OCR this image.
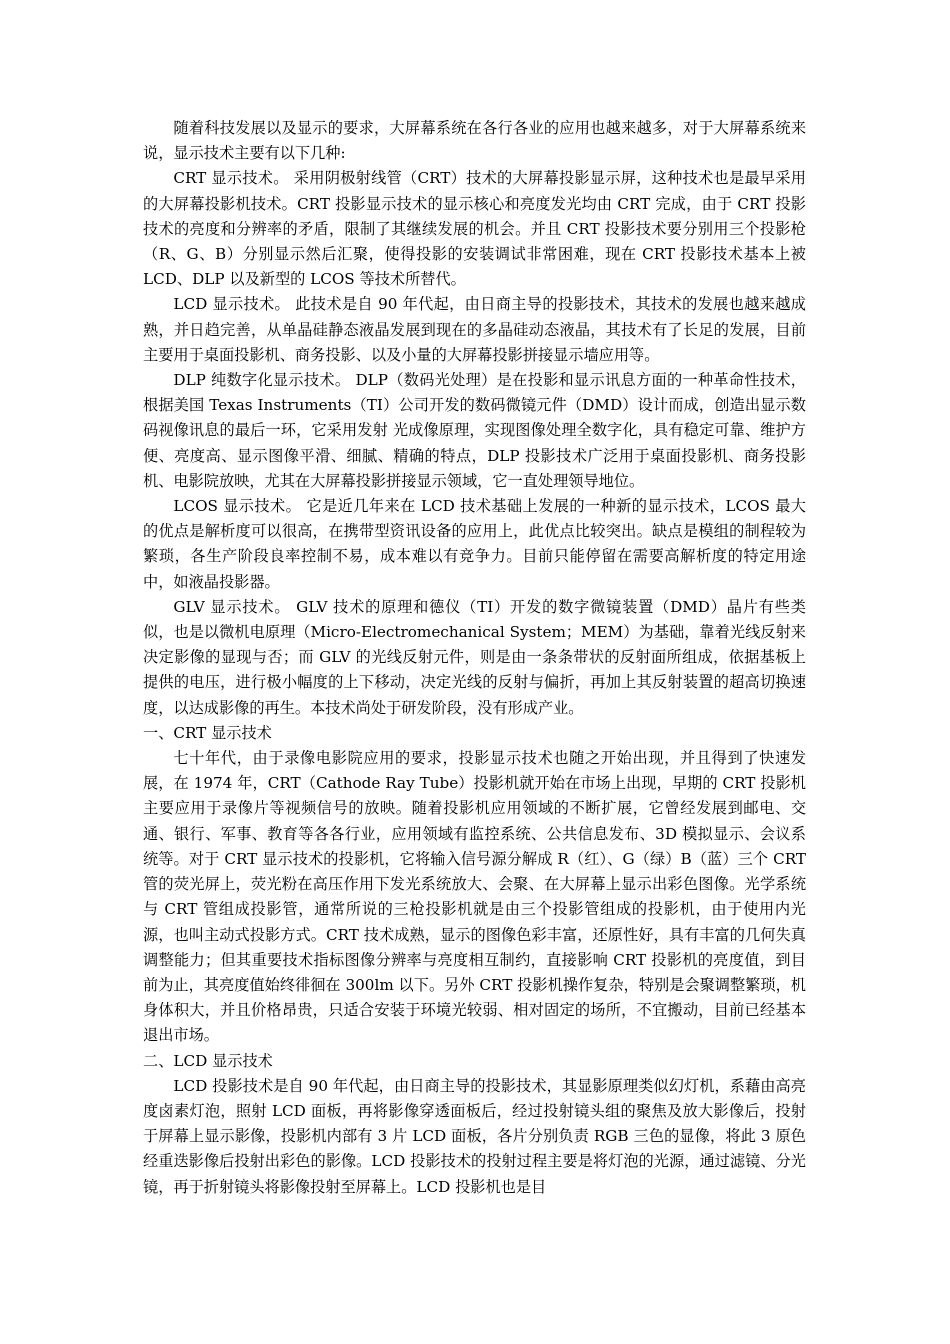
随着科技发展以及显示的要求，大屏幕系统在各行各业的应用也越来越多，对于大屏幕系统来说，显示技术主要有以下几种:

CRT 显示技术。 采用阴极射线管（CRT）技术的大屏幕投影显示屏，这种技术也是最早采用的大屏幕投影机技术。CRT 投影显示技术的显示核心和亮度发光均由 CRT 完成，由于 CRT 投影技术的亮度和分辨率的矛盾，限制了其继续发展的机会。并且 CRT 投影技术要分别用三个投影枪（R、G、B）分别显示然后汇聚，使得投影的安装调试非常困难，现在 CRT 投影技术基本上被 LCD、DLP 以及新型的 LCOS 等技术所替代。

LCD 显示技术。 此技术是自 90 年代起，由日商主导的投影技术，其技术的发展也越来越成熟，并日趋完善，从单晶硅静态液晶发展到现在的多晶硅动态液晶，其技术有了长足的发展，目前主要用于桌面投影机、商务投影、以及小量的大屏幕投影拼接显示墙应用等。

DLP 纯数字化显示技术。 DLP（数码光处理）是在投影和显示讯息方面的一种革命性技术，根据美国 Texas Instruments（TI）公司开发的数码微镜元件（DMD）设计而成，创造出显示数码视像讯息的最后一环，它采用发射 光成像原理，实现图像处理全数字化，具有稳定可靠、维护方便、亮度高、显示图像平滑、细腻、精确的特点，DLP 投影技术广泛用于桌面投影机、商务投影机、电影院放映，尤其在大屏幕投影拼接显示领域，它一直处理领导地位。

LCOS 显示技术。 它是近几年来在 LCD 技术基础上发展的一种新的显示技术，LCOS 最大的优点是解析度可以很高，在携带型资讯设备的应用上，此优点比较突出。缺点是模组的制程较为繁琐，各生产阶段良率控制不易，成本难以有竞争力。目前只能停留在需要高解析度的特定用途中，如液晶投影器。

GLV 显示技术。 GLV 技术的原理和德仪（TI）开发的数字微镜装置（DMD）晶片有些类似，也是以微机电原理（Micro-Electromechanical System；MEM）为基础，靠着光线反射来决定影像的显现与否；而 GLV 的光线反射元件，则是由一条条带状的反射面所组成，依据基板上提供的电压，进行极小幅度的上下移动，决定光线的反射与偏折，再加上其反射装置的超高切换速度，以达成影像的再生。本技术尚处于研发阶段，没有形成产业。

一、CRT 显示技术

七十年代，由于录像电影院应用的要求，投影显示技术也随之开始出现，并且得到了快速发展，在 1974 年，CRT（Cathode Ray Tube）投影机就开始在市场上出现，早期的 CRT 投影机主要应用于录像片等视频信号的放映。随着投影机应用领域的不断扩展，它曾经发展到邮电、交通、银行、军事、教育等各各行业，应用领域有监控系统、公共信息发布、3D 模拟显示、会议系统等。对于 CRT 显示技术的投影机，它将输入信号源分解成 R（红）、G（绿）B（蓝）三个 CRT 管的荧光屏上，荧光粉在高压作用下发光系统放大、会聚、在大屏幕上显示出彩色图像。光学系统与 CRT 管组成投影管，通常所说的三枪投影机就是由三个投影管组成的投影机，由于使用内光源，也叫主动式投影方式。CRT 技术成熟，显示的图像色彩丰富，还原性好，具有丰富的几何失真调整能力；但其重要技术指标图像分辨率与亮度相互制约，直接影响 CRT 投影机的亮度值，到目前为止，其亮度值始终徘徊在 300lm 以下。另外 CRT 投影机操作复杂，特别是会聚调整繁琐，机身体积大，并且价格昂贵，只适合安装于环境光较弱、相对固定的场所，不宜搬动，目前已经基本退出市场。

二、LCD 显示技术

LCD 投影技术是自 90 年代起，由日商主导的投影技术，其显影原理类似幻灯机，系藉由高亮度卤素灯泡，照射 LCD 面板，再将影像穿透面板后，经过投射镜头组的聚焦及放大影像后，投射于屏幕上显示影像，投影机内部有 3 片 LCD 面板，各片分别负责 RGB 三色的显像，将此 3 原色经重迭影像后投射出彩色的影像。LCD 投影技术的投射过程主要是将灯泡的光源，通过滤镜、分光镜，再于折射镜头将影像投射至屏幕上。LCD 投影机也是目
